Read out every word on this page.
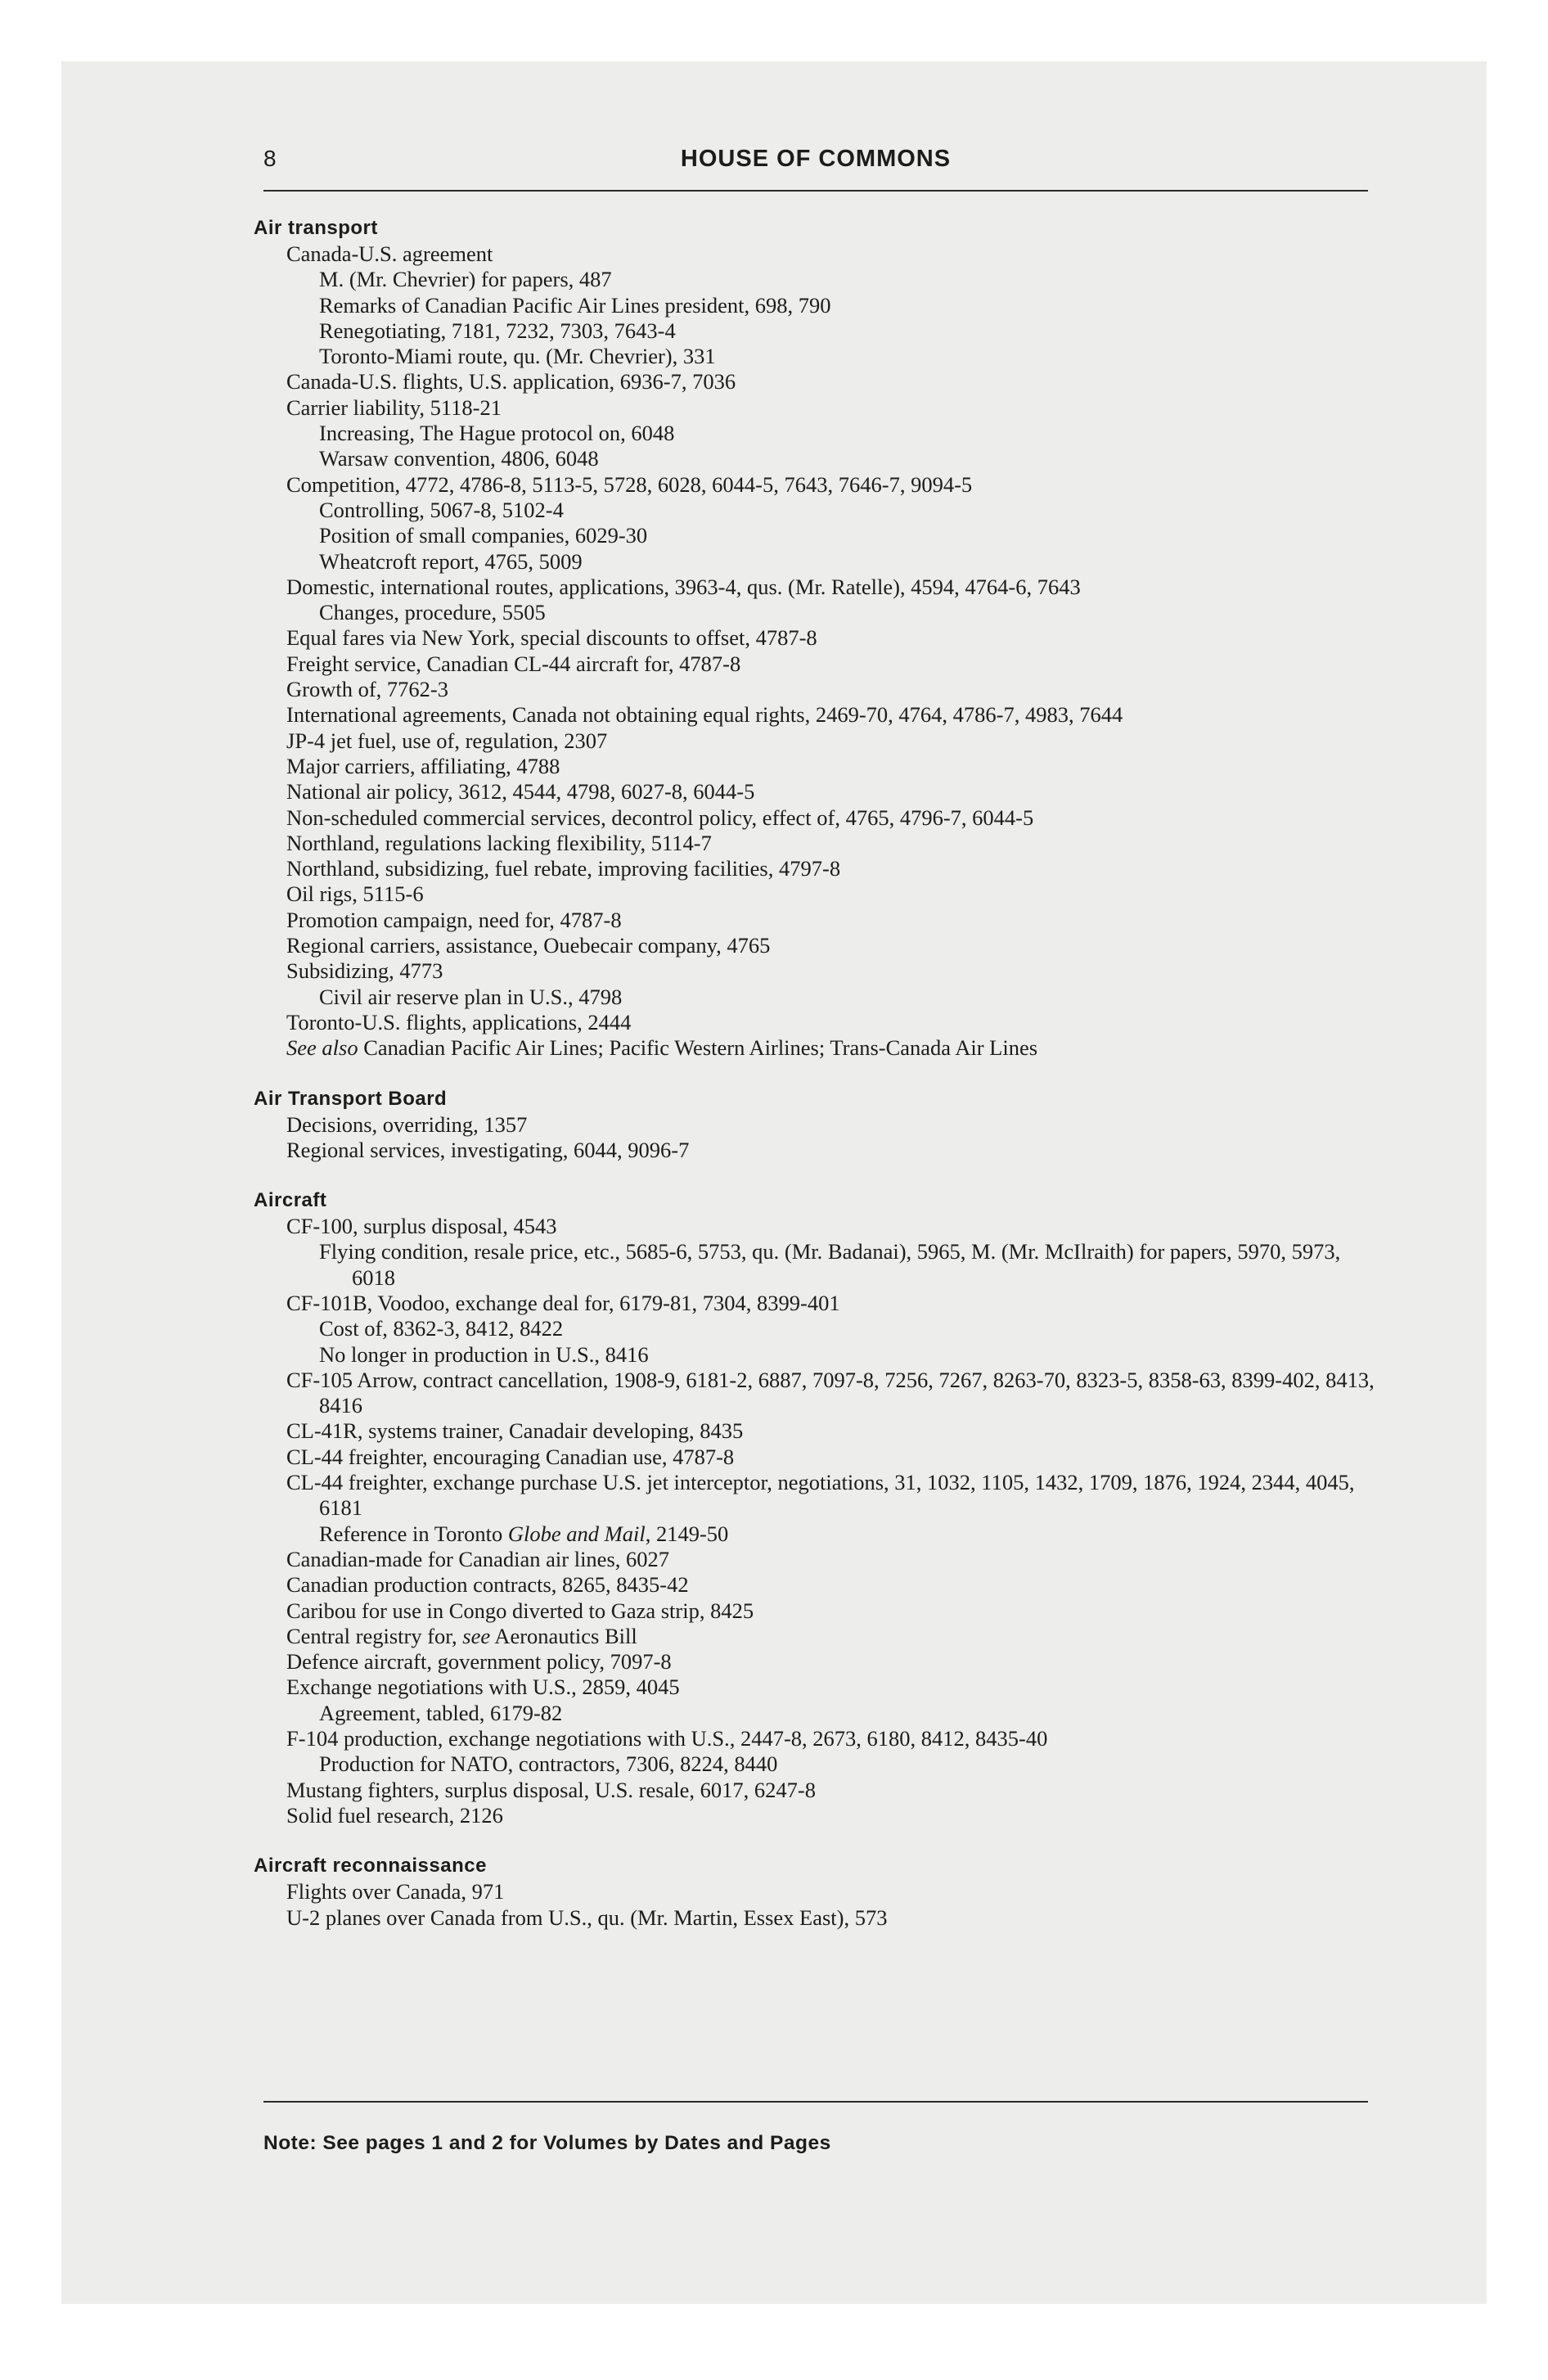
8	HOUSE OF COMMONS
Air transport
Canada-U.S. agreement
M. (Mr. Chevrier) for papers, 487
Remarks of Canadian Pacific Air Lines president, 698, 790
Renegotiating, 7181, 7232, 7303, 7643-4
Toronto-Miami route, qu. (Mr. Chevrier), 331
Canada-U.S. flights, U.S. application, 6936-7, 7036
Carrier liability, 5118-21
Increasing, The Hague protocol on, 6048
Warsaw convention, 4806, 6048
Competition, 4772, 4786-8, 5113-5, 5728, 6028, 6044-5, 7643, 7646-7, 9094-5
Controlling, 5067-8, 5102-4
Position of small companies, 6029-30
Wheatcroft report, 4765, 5009
Domestic, international routes, applications, 3963-4, qus. (Mr. Ratelle), 4594, 4764-6, 7643
Changes, procedure, 5505
Equal fares via New York, special discounts to offset, 4787-8
Freight service, Canadian CL-44 aircraft for, 4787-8
Growth of, 7762-3
International agreements, Canada not obtaining equal rights, 2469-70, 4764, 4786-7, 4983, 7644
JP-4 jet fuel, use of, regulation, 2307
Major carriers, affiliating, 4788
National air policy, 3612, 4544, 4798, 6027-8, 6044-5
Non-scheduled commercial services, decontrol policy, effect of, 4765, 4796-7, 6044-5
Northland, regulations lacking flexibility, 5114-7
Northland, subsidizing, fuel rebate, improving facilities, 4797-8
Oil rigs, 5115-6
Promotion campaign, need for, 4787-8
Regional carriers, assistance, Ouebecair company, 4765
Subsidizing, 4773
Civil air reserve plan in U.S., 4798
Toronto-U.S. flights, applications, 2444
See also Canadian Pacific Air Lines; Pacific Western Airlines; Trans-Canada Air Lines
Air Transport Board
Decisions, overriding, 1357
Regional services, investigating, 6044, 9096-7
Aircraft
CF-100, surplus disposal, 4543
Flying condition, resale price, etc., 5685-6, 5753, qu. (Mr. Badanai), 5965, M. (Mr. McIlraith) for papers, 5970, 5973, 6018
CF-101B, Voodoo, exchange deal for, 6179-81, 7304, 8399-401
Cost of, 8362-3, 8412, 8422
No longer in production in U.S., 8416
CF-105 Arrow, contract cancellation, 1908-9, 6181-2, 6887, 7097-8, 7256, 7267, 8263-70, 8323-5, 8358-63, 8399-402, 8413, 8416
CL-41R, systems trainer, Canadair developing, 8435
CL-44 freighter, encouraging Canadian use, 4787-8
CL-44 freighter, exchange purchase U.S. jet interceptor, negotiations, 31, 1032, 1105, 1432, 1709, 1876, 1924, 2344, 4045, 6181
Reference in Toronto Globe and Mail, 2149-50
Canadian-made for Canadian air lines, 6027
Canadian production contracts, 8265, 8435-42
Caribou for use in Congo diverted to Gaza strip, 8425
Central registry for, see Aeronautics Bill
Defence aircraft, government policy, 7097-8
Exchange negotiations with U.S., 2859, 4045
Agreement, tabled, 6179-82
F-104 production, exchange negotiations with U.S., 2447-8, 2673, 6180, 8412, 8435-40
Production for NATO, contractors, 7306, 8224, 8440
Mustang fighters, surplus disposal, U.S. resale, 6017, 6247-8
Solid fuel research, 2126
Aircraft reconnaissance
Flights over Canada, 971
U-2 planes over Canada from U.S., qu. (Mr. Martin, Essex East), 573
Note: See pages 1 and 2 for Volumes by Dates and Pages
